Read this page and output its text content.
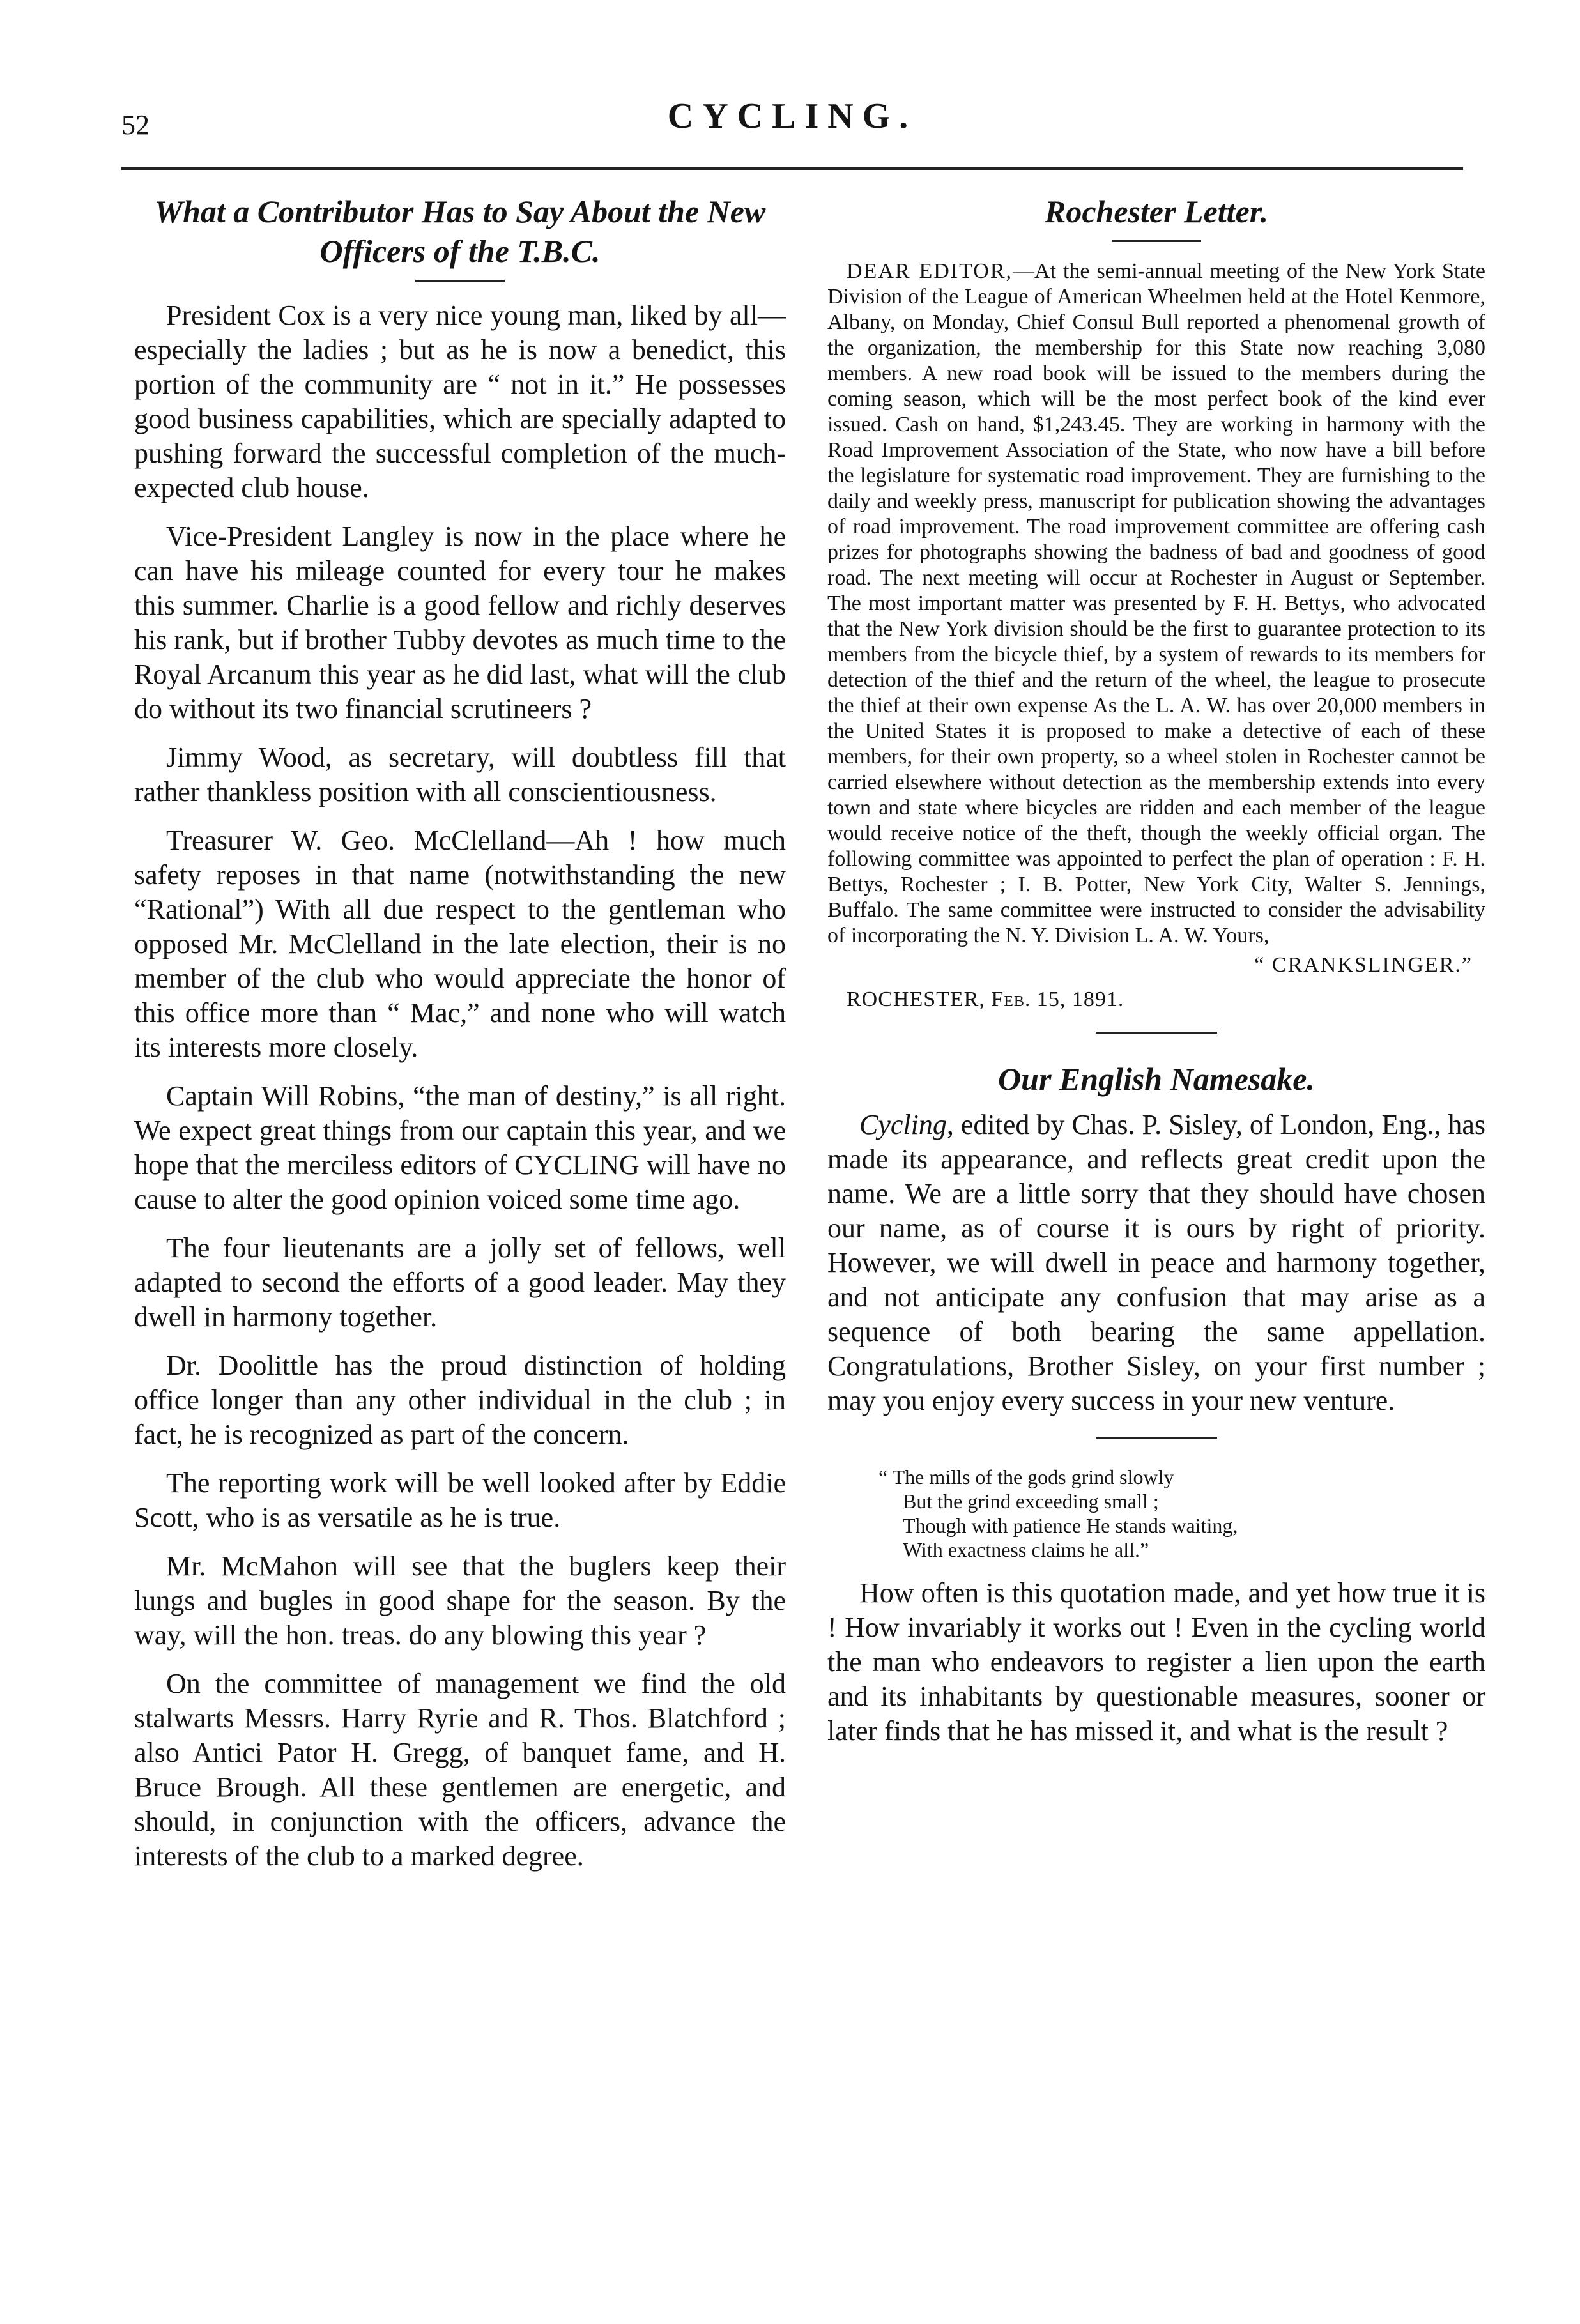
52	CYCLING.
What a Contributor Has to Say About the New Officers of the T.B.C.

President Cox is a very nice young man, liked by all—especially the ladies ; but as he is now a benedict, this portion of the community are “ not in it.” He possesses good business capabilities, which are specially adapted to pushing forward the successful completion of the much-expected club house.

Vice-President Langley is now in the place where he can have his mileage counted for every tour he makes this summer. Charlie is a good fellow and richly deserves his rank, but if brother Tubby devotes as much time to the Royal Arcanum this year as he did last, what will the club do without its two financial scrutineers ?

Jimmy Wood, as secretary, will doubtless fill that rather thankless position with all conscientiousness.

Treasurer W. Geo. McClelland—Ah ! how much safety reposes in that name (notwithstanding the new “Rational”) With all due respect to the gentleman who opposed Mr. McClelland in the late election, their is no member of the club who would appreciate the honor of this office more than “ Mac,” and none who will watch its interests more closely.

Captain Will Robins, “the man of destiny,” is all right. We expect great things from our captain this year, and we hope that the merciless editors of CYCLING will have no cause to alter the good opinion voiced some time ago.

The four lieutenants are a jolly set of fellows, well adapted to second the efforts of a good leader. May they dwell in harmony together.

Dr. Doolittle has the proud distinction of holding office longer than any other individual in the club ; in fact, he is recognized as part of the concern.

The reporting work will be well looked after by Eddie Scott, who is as versatile as he is true.

Mr. McMahon will see that the buglers keep their lungs and bugles in good shape for the season. By the way, will the hon. treas. do any blowing this year ?

On the committee of management we find the old stalwarts Messrs. Harry Ryrie and R. Thos. Blatchford ; also Antici Pator H. Gregg, of banquet fame, and H. Bruce Brough. All these gentlemen are energetic, and should, in conjunction with the officers, advance the interests of the club to a marked degree.

Rochester Letter.

DEAR EDITOR,—At the semi-annual meeting of the New York State Division of the League of American Wheelmen held at the Hotel Kenmore, Albany, on Monday, Chief Consul Bull reported a phenomenal growth of the organization, the membership for this State now reaching 3,080 members. A new road book will be issued to the members during the coming season, which will be the most perfect book of the kind ever issued. Cash on hand, $1,243.45. They are working in harmony with the Road Improvement Association of the State, who now have a bill before the legislature for systematic road improvement. They are furnishing to the daily and weekly press, manuscript for publication showing the advantages of road improvement. The road improvement committee are offering cash prizes for photographs showing the badness of bad and goodness of good road. The next meeting will occur at Rochester in August or September. The most important matter was presented by F. H. Bettys, who advocated that the New York division should be the first to guarantee protection to its members from the bicycle thief, by a system of rewards to its members for detection of the thief and the return of the wheel, the league to prosecute the thief at their own expense As the L. A. W. has over 20,000 members in the United States it is proposed to make a detective of each of these members, for their own property, so a wheel stolen in Rochester cannot be carried elsewhere without detection as the membership extends into every town and state where bicycles are ridden and each member of the league would receive notice of the theft, though the weekly official organ. The following committee was appointed to perfect the plan of operation : F. H. Bettys, Rochester ; I. B. Potter, New York City, Walter S. Jennings, Buffalo. The same committee were instructed to consider the advisability of incorporating the N. Y. Division L. A. W. Yours,

“ CRANKSLINGER.”

ROCHESTER, Feb. 15, 1891.

Our English Namesake.

Cycling, edited by Chas. P. Sisley, of London, Eng., has made its appearance, and reflects great credit upon the name. We are a little sorry that they should have chosen our name, as of course it is ours by right of priority. However, we will dwell in peace and harmony together, and not anticipate any confusion that may arise as a sequence of both bearing the same appellation. Congratulations, Brother Sisley, on your first number ; may you enjoy every success in your new venture.

“ The mills of the gods grind slowly
But the grind exceeding small ;
Though with patience He stands waiting,
With exactness claims he all.”

How often is this quotation made, and yet how true it is ! How invariably it works out ! Even in the cycling world the man who endeavors to register a lien upon the earth and its inhabitants by questionable measures, sooner or later finds that he has missed it, and what is the result ?
